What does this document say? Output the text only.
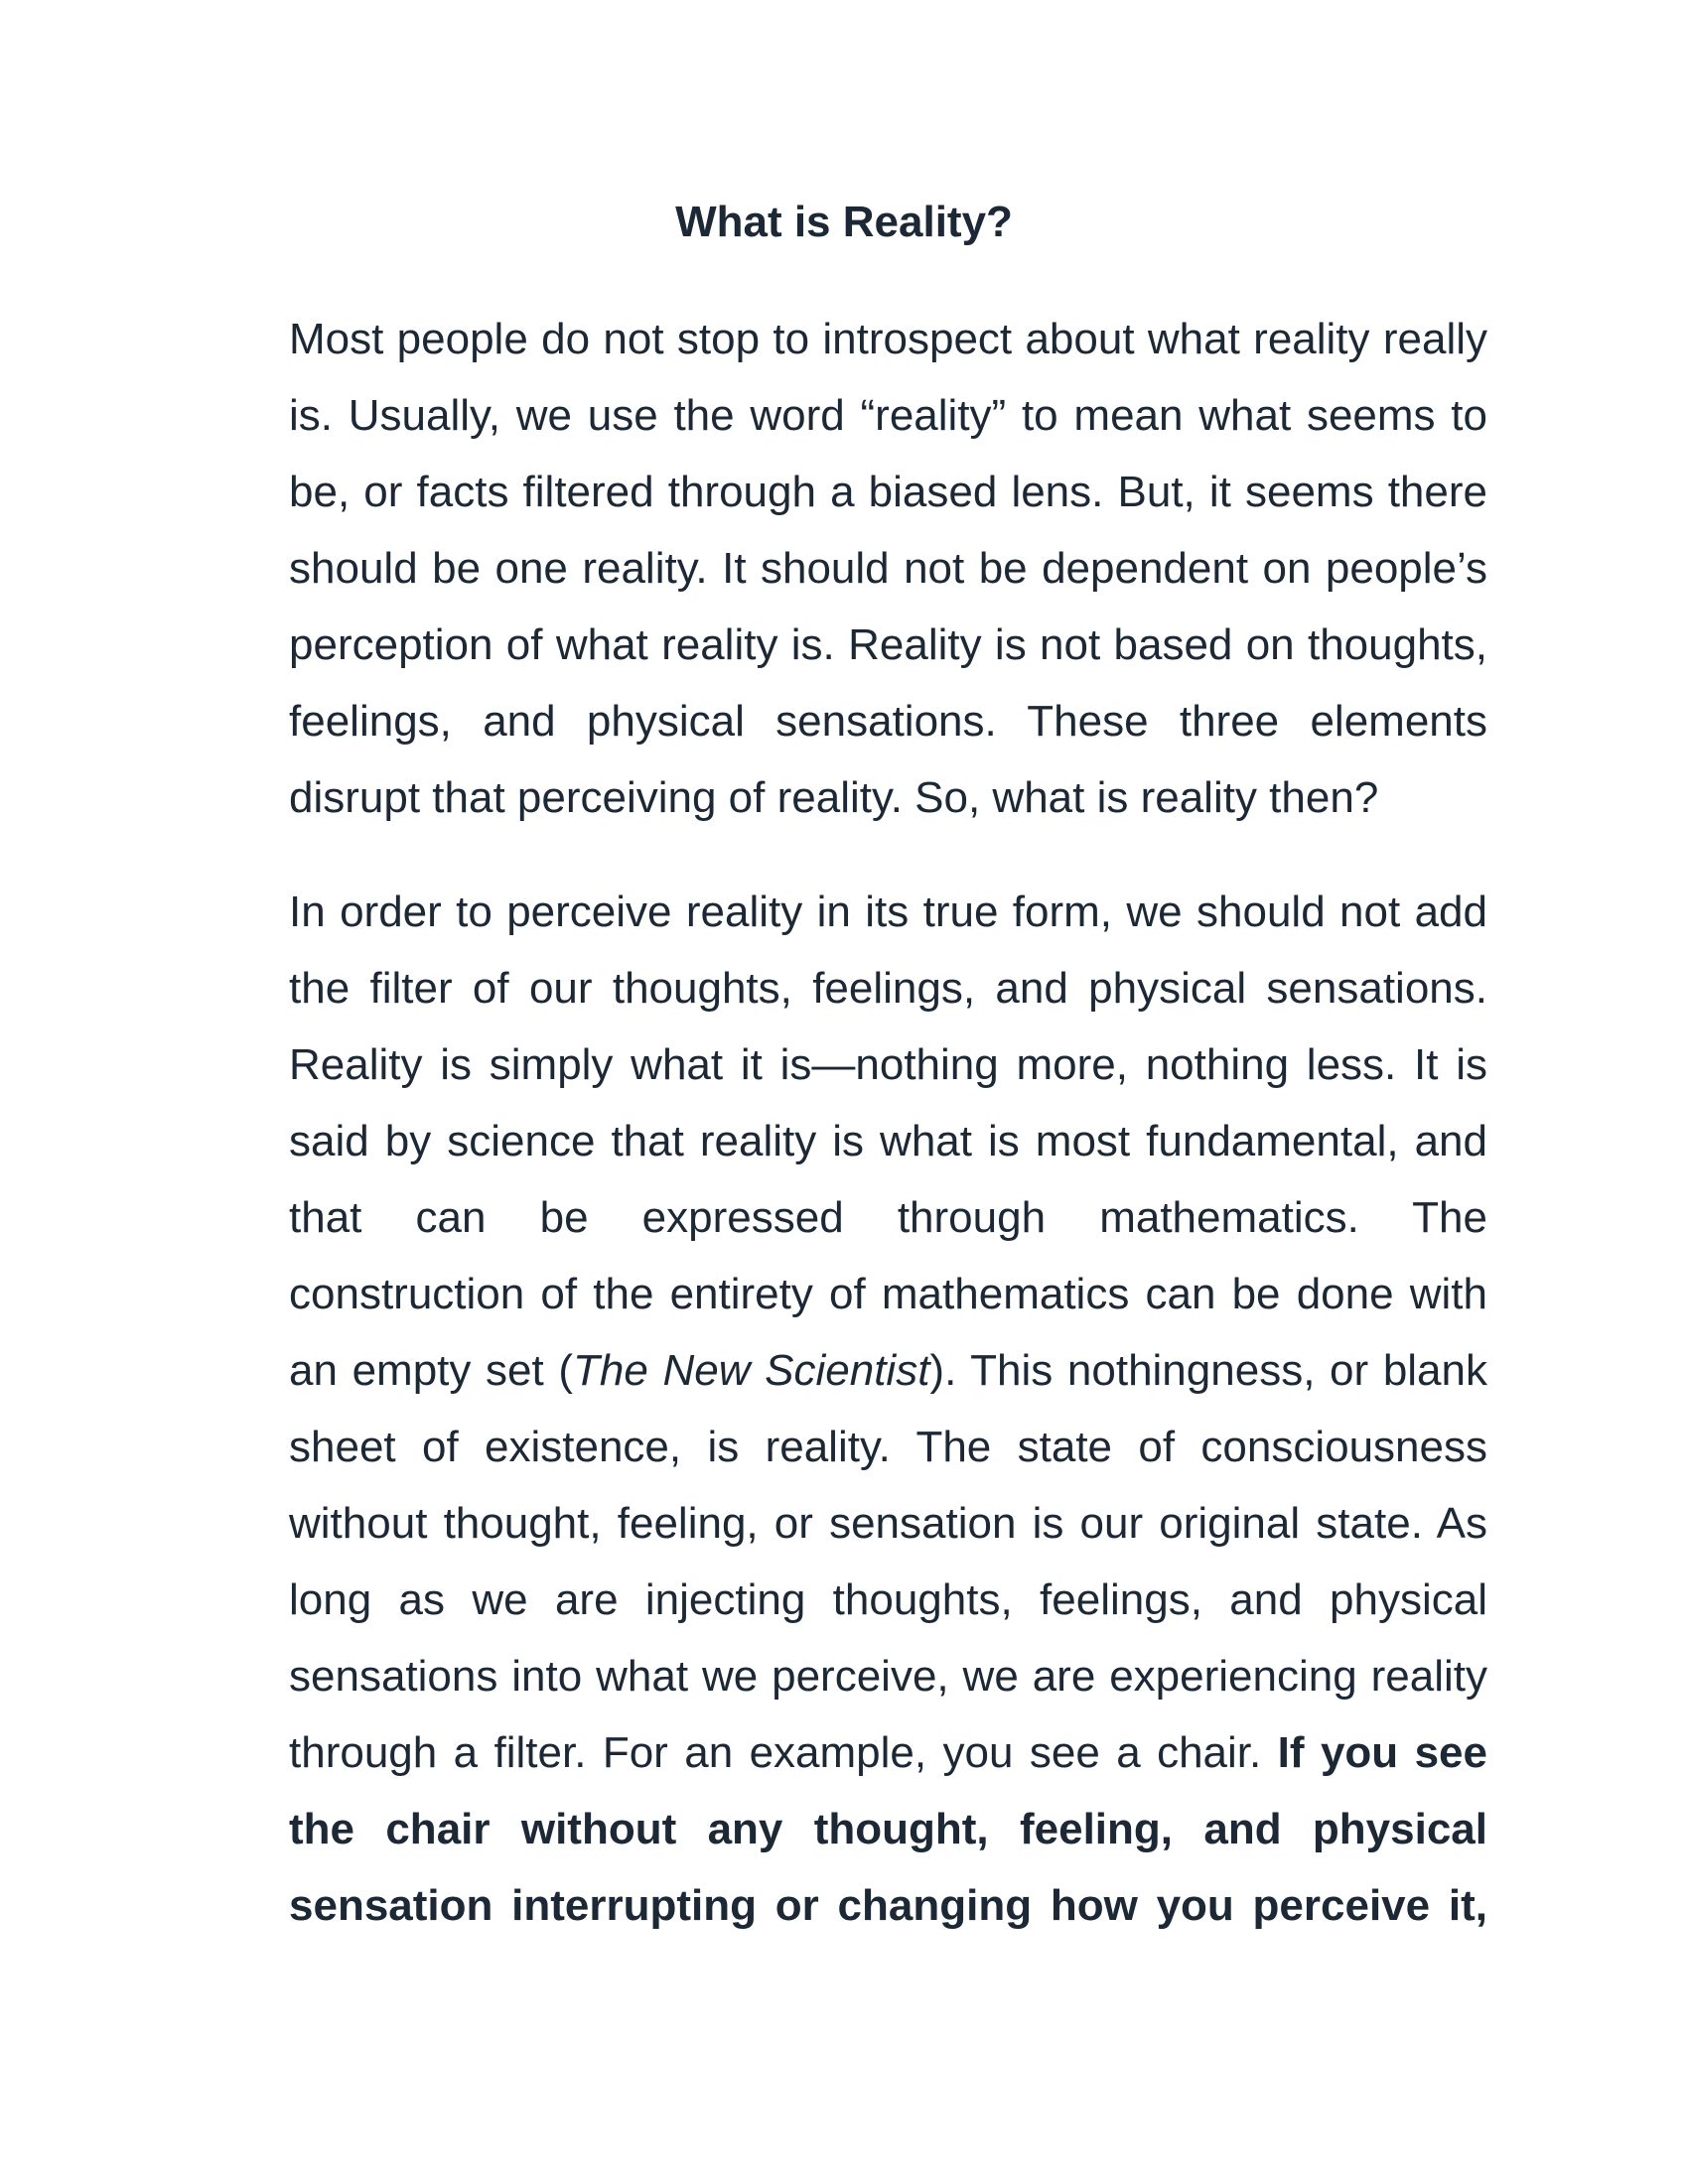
What is Reality?
Most people do not stop to introspect about what reality really
is. Usually, we use the word “reality” to mean what seems to
be, or facts filtered through a biased lens. But, it seems there
should be one reality. It should not be dependent on people’s
perception of what reality is. Reality is not based on thoughts,
feelings, and physical sensations. These three elements
disrupt that perceiving of reality. So, what is reality then?
In order to perceive reality in its true form, we should not add
the filter of our thoughts, feelings, and physical sensations.
Reality is simply what it is—nothing more, nothing less. It is
said by science that reality is what is most fundamental, and
that can be expressed through mathematics. The
construction of the entirety of mathematics can be done with
an empty set (The New Scientist). This nothingness, or blank
sheet of existence, is reality. The state of consciousness
without thought, feeling, or sensation is our original state. As
long as we are injecting thoughts, feelings, and physical
sensations into what we perceive, we are experiencing reality
through a filter. For an example, you see a chair. If you see
the chair without any thought, feeling, and physical
sensation interrupting or changing how you perceive it,
